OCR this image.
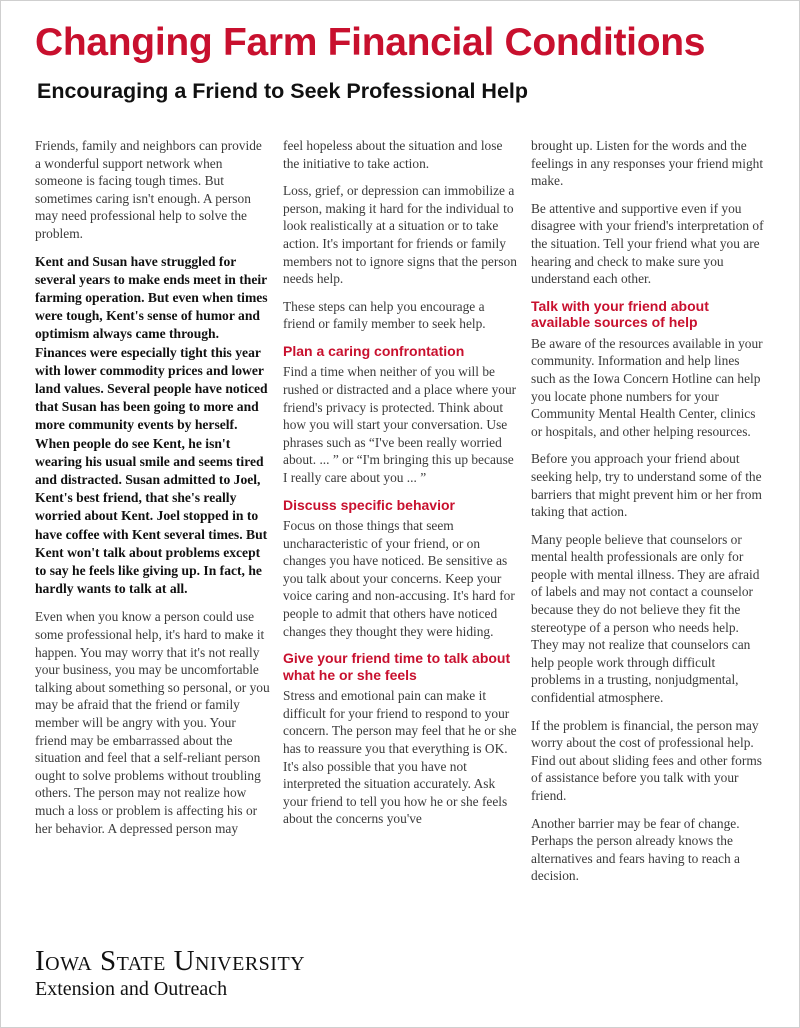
Changing Farm Financial Conditions
Encouraging a Friend to Seek Professional Help

Friends, family and neighbors can provide a wonderful support network when someone is facing tough times. But sometimes caring isn't enough. A person may need professional help to solve the problem.

Kent and Susan have struggled for several years to make ends meet in their farming operation. But even when times were tough, Kent's sense of humor and optimism always came through. Finances were especially tight this year with lower commodity prices and lower land values. Several people have noticed that Susan has been going to more and more community events by herself. When people do see Kent, he isn't wearing his usual smile and seems tired and distracted. Susan admitted to Joel, Kent's best friend, that she's really worried about Kent. Joel stopped in to have coffee with Kent several times. But Kent won't talk about problems except to say he feels like giving up. In fact, he hardly wants to talk at all.

Even when you know a person could use some professional help, it's hard to make it happen. You may worry that it's not really your business, you may be uncomfortable talking about something so personal, or you may be afraid that the friend or family member will be angry with you. Your friend may be embarrassed about the situation and feel that a self-reliant person ought to solve problems without troubling others. The person may not realize how much a loss or problem is affecting his or her behavior. A depressed person may

feel hopeless about the situation and lose the initiative to take action.

Loss, grief, or depression can immobilize a person, making it hard for the individual to look realistically at a situation or to take action. It's important for friends or family members not to ignore signs that the person needs help.

These steps can help you encourage a friend or family member to seek help.

Plan a caring confrontation

Find a time when neither of you will be rushed or distracted and a place where your friend's privacy is protected. Think about how you will start your conversation. Use phrases such as “I've been really worried about. ... ” or “I'm bringing this up because I really care about you ... ”

Discuss specific behavior

Focus on those things that seem uncharacteristic of your friend, or on changes you have noticed. Be sensitive as you talk about your concerns. Keep your voice caring and non-accusing. It's hard for people to admit that others have noticed changes they thought they were hiding.

Give your friend time to talk about what he or she feels

Stress and emotional pain can make it difficult for your friend to respond to your concern. The person may feel that he or she has to reassure you that everything is OK. It's also possible that you have not interpreted the situation accurately. Ask your friend to tell you how he or she feels about the concerns you've

brought up. Listen for the words and the feelings in any responses your friend might make.

Be attentive and supportive even if you disagree with your friend's interpretation of the situation. Tell your friend what you are hearing and check to make sure you understand each other.

Talk with your friend about available sources of help

Be aware of the resources available in your community. Information and help lines such as the Iowa Concern Hotline can help you locate phone numbers for your Community Mental Health Center, clinics or hospitals, and other helping resources.

Before you approach your friend about seeking help, try to understand some of the barriers that might prevent him or her from taking that action.

Many people believe that counselors or mental health professionals are only for people with mental illness. They are afraid of labels and may not contact a counselor because they do not believe they fit the stereotype of a person who needs help. They may not realize that counselors can help people work through difficult problems in a trusting, nonjudgmental, confidential atmosphere.

If the problem is financial, the person may worry about the cost of professional help. Find out about sliding fees and other forms of assistance before you talk with your friend.

Another barrier may be fear of change. Perhaps the person already knows the alternatives and fears having to reach a decision.

Iowa State University
Extension and Outreach
